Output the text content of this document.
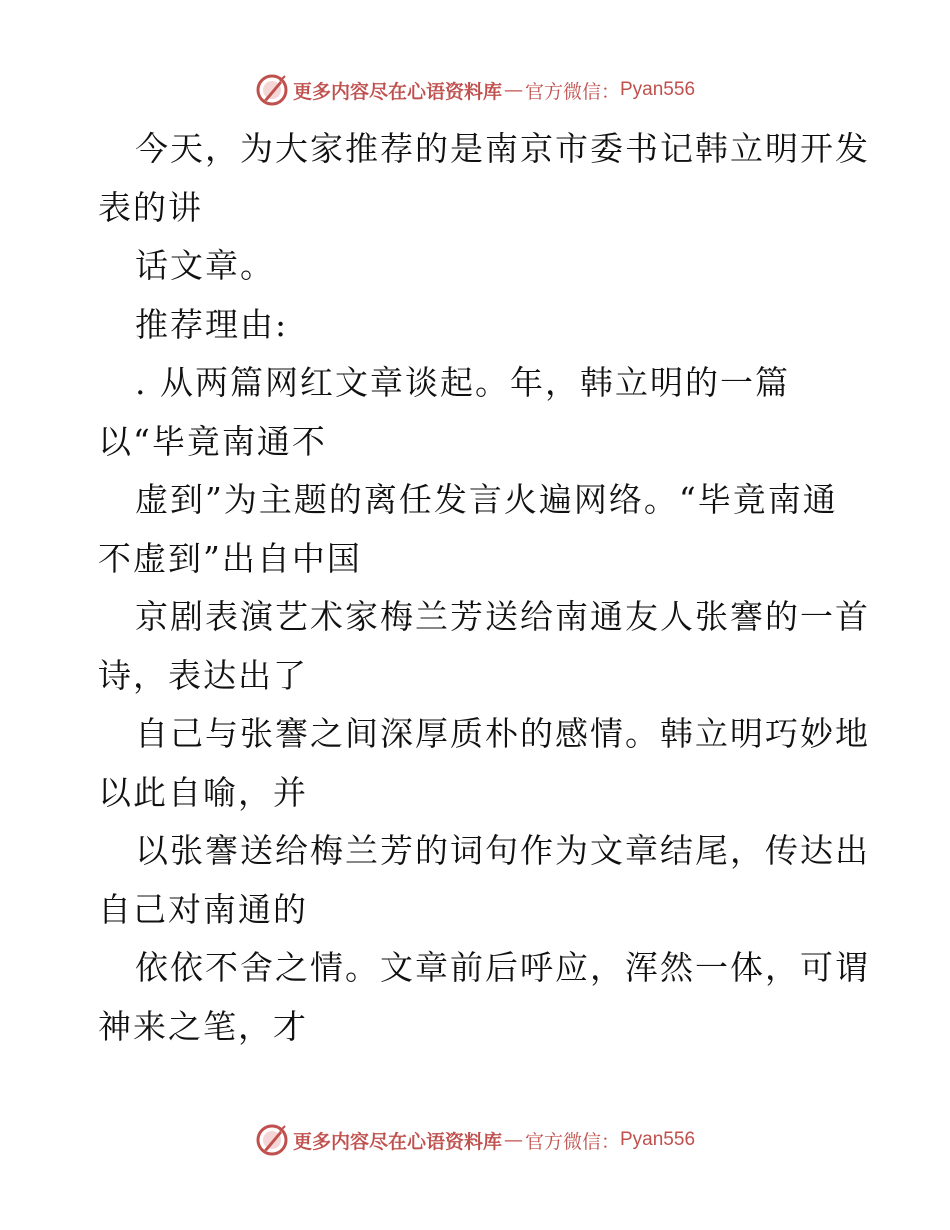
更多内容尽在心语资料库 — 官方微信： Pyan556
今天，为大家推荐的是南京市委书记韩立明开发
表的讲
话文章。
推荐理由:
. 从两篇网红文章谈起。年，韩立明的一篇
以“毕竟南通不
虚到”为主题的离任发言火遍网络。“毕竟南通
不虚到”出自中国
京剧表演艺术家梅兰芳送给南通友人张謇的一首
诗，表达出了
自己与张謇之间深厚质朴的感情。韩立明巧妙地
以此自喻，并
以张謇送给梅兰芳的词句作为文章结尾，传达出
自己对南通的
依依不舍之情。文章前后呼应，浑然一体，可谓
神来之笔，才
更多内容尽在心语资料库 — 官方微信： Pyan556
